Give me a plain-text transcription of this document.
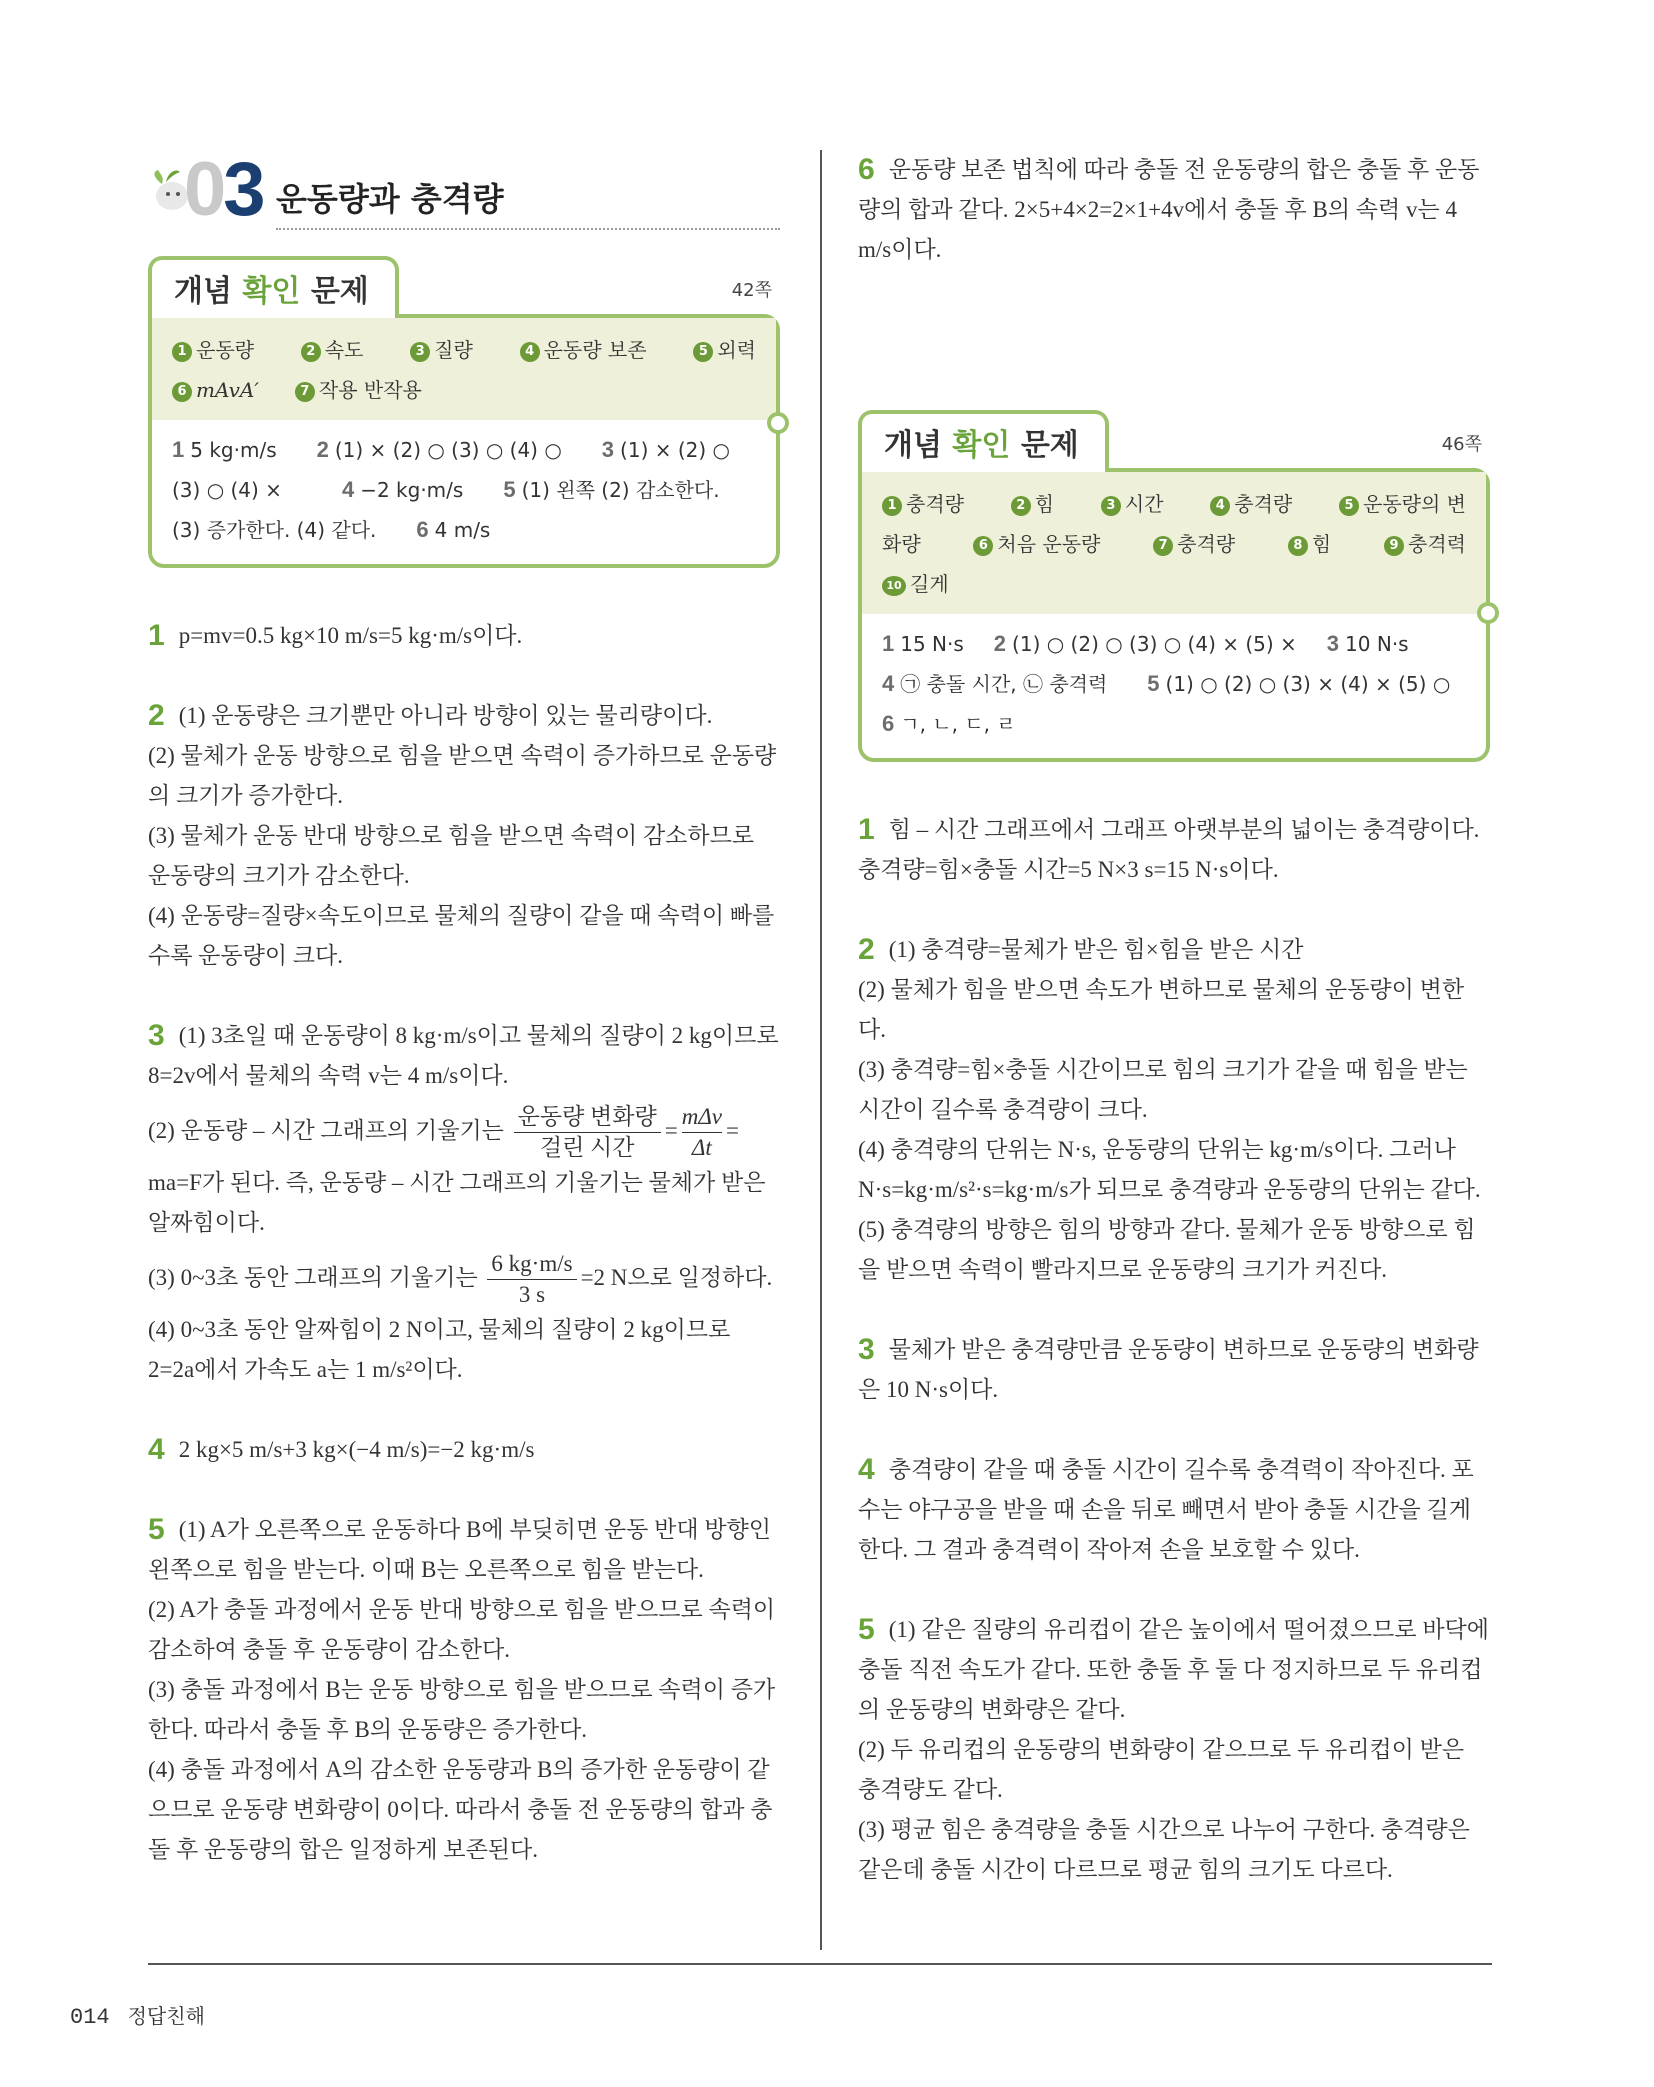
03 운동량과 충격량
개념 확인 문제	42쪽
1 운동량	2 속도	3 질량	4 운동량 보존	5 외력
6 mAvA′	7 작용 반작용
1 5 kg·m/s 2 (1) × (2) ○ (3) ○ (4) ○ 3 (1) × (2) ○
(3) ○ (4) ×	4 −2 kg·m/s 5 (1) 왼쪽 (2) 감소한다.
(3) 증가한다. (4) 같다. 6 4 m/s

1 p=mv=0.5 kg×10 m/s=5 kg·m/s이다.

2 (1) 운동량은 크기뿐만 아니라 방향이 있는 물리량이다.

(2) 물체가 운동 방향으로 힘을 받으면 속력이 증가하므로 운동량의 크기가 증가한다.

(3) 물체가 운동 반대 방향으로 힘을 받으면 속력이 감소하므로 운동량의 크기가 감소한다.

(4) 운동량=질량×속도이므로 물체의 질량이 같을 때 속력이 빠를수록 운동량이 크다.

3 (1) 3초일 때 운동량이 8 kg·m/s이고 물체의 질량이 2 kg이므로 8=2v에서 물체의 속력 v는 4 m/s이다.

(2) 운동량 – 시간 그래프의 기울기는 $\frac{\text{운동량 변화량}}{\text{걸린 시간}} = \frac{\text{mΔv}}{\Delta t}$ =

ma=F가 된다. 즉, 운동량 – 시간 그래프의 기울기는 물체가 받은 알짜힘이다.

(3) 0~3초 동안 그래프의 기울기는 $\frac{6 kg\cdot m/s}{3 s} =2$ N으로 일정하다.

(4) 0~3초 동안 알짜힘이 2 N이고, 물체의 질량이 2 kg이므로 2=2a에서 가속도 a는 1 m/s²이다.

4 2 kg×5 m/s+3 kg×(−4 m/s)=−2 kg·m/s

5 (1) A가 오른쪽으로 운동하다 B에 부딪히면 운동 반대 방향인 왼쪽으로 힘을 받는다. 이때 B는 오른쪽으로 힘을 받는다.

(2) A가 충돌 과정에서 운동 반대 방향으로 힘을 받으므로 속력이 감소하여 충돌 후 운동량이 감소한다.

(3) 충돌 과정에서 B는 운동 방향으로 힘을 받으므로 속력이 증가한다. 따라서 충돌 후 B의 운동량은 증가한다.

(4) 충돌 과정에서 A의 감소한 운동량과 B의 증가한 운동량이 같으므로 운동량 변화량이 0이다. 따라서 충돌 전 운동량의 합과 충돌 후 운동량의 합은 일정하게 보존된다.

6 운동량 보존 법칙에 따라 충돌 전 운동량의 합은 충돌 후 운동량의 합과 같다. 2×5+4×2=2×1+4v에서 충돌 후 B의 속력 v는 4 m/s이다.

개념 확인 문제	46쪽
1 충격량	2 힘	3 시간	4 충격량	5 운동량의 변
화량	6 처음 운동량	7 충격량	8 힘	9 충격력
10 길게
1 15 N·s 2 (1) ○ (2) ○ (3) ○ (4) × (5) × 3 10 N·s
4 ㉠ 충돌 시간, ㉡ 충격력 5 (1) ○ (2) ○ (3) × (4) × (5) ○
6 ㄱ, ㄴ, ㄷ, ㄹ

1 힘 – 시간 그래프에서 그래프 아랫부분의 넓이는 충격량이다. 충격량=힘×충돌 시간=5 N×3 s=15 N·s이다.

2 (1) 충격량=물체가 받은 힘×힘을 받은 시간

(2) 물체가 힘을 받으면 속도가 변하므로 물체의 운동량이 변한다.

(3) 충격량=힘×충돌 시간이므로 힘의 크기가 같을 때 힘을 받는 시간이 길수록 충격량이 크다.

(4) 충격량의 단위는 N·s, 운동량의 단위는 kg·m/s이다. 그러나 N·s=kg·m/s²·s=kg·m/s가 되므로 충격량과 운동량의 단위는 같다.

(5) 충격량의 방향은 힘의 방향과 같다. 물체가 운동 방향으로 힘을 받으면 속력이 빨라지므로 운동량의 크기가 커진다.

3 물체가 받은 충격량만큼 운동량이 변하므로 운동량의 변화량은 10 N·s이다.

4 충격량이 같을 때 충돌 시간이 길수록 충격력이 작아진다. 포수는 야구공을 받을 때 손을 뒤로 빼면서 받아 충돌 시간을 길게 한다. 그 결과 충격력이 작아져 손을 보호할 수 있다.

5 (1) 같은 질량의 유리컵이 같은 높이에서 떨어졌으므로 바닥에 충돌 직전 속도가 같다. 또한 충돌 후 둘 다 정지하므로 두 유리컵의 운동량의 변화량은 같다.

(2) 두 유리컵의 운동량의 변화량이 같으므로 두 유리컵이 받은 충격량도 같다.

(3) 평균 힘은 충격량을 충돌 시간으로 나누어 구한다. 충격량은 같은데 충돌 시간이 다르므로 평균 힘의 크기도 다르다.

014 정답친해
